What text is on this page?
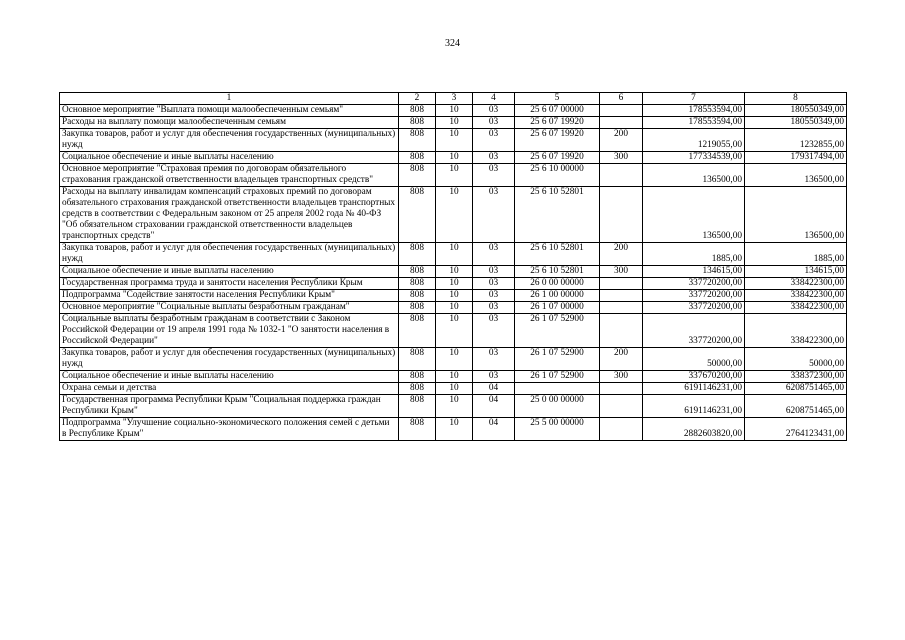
324
1	2	3	4	5	6	7	8
Основное мероприятие "Выплата помощи малообеспеченным семьям"	808	10	03	25 6 07 00000		178553594,00	180550349,00
Расходы на выплату помощи малообеспеченным семьям	808	10	03	25 6 07 19920		178553594,00	180550349,00
Закупка товаров, работ и услуг для обеспечения государственных (муниципальных) нужд	808	10	03	25 6 07 19920	200	1219055,00	1232855,00
Социальное обеспечение и иные выплаты населению	808	10	03	25 6 07 19920	300	177334539,00	179317494,00
Основное мероприятие "Страховая премия по договорам обязательного страхования гражданской ответственности владельцев транспортных средств"	808	10	03	25 6 10 00000		136500,00	136500,00
Расходы на выплату инвалидам компенсаций страховых премий по договорам обязательного страхования гражданской ответственности владельцев транспортных средств в соответствии с Федеральным законом от 25 апреля 2002 года № 40-ФЗ "Об обязательном страховании гражданской ответственности владельцев транспортных средств"	808	10	03	25 6 10 52801		136500,00	136500,00
Закупка товаров, работ и услуг для обеспечения государственных (муниципальных) нужд	808	10	03	25 6 10 52801	200	1885,00	1885,00
Социальное обеспечение и иные выплаты населению	808	10	03	25 6 10 52801	300	134615,00	134615,00
Государственная программа труда и занятости населения Республики Крым	808	10	03	26 0 00 00000		337720200,00	338422300,00
Подпрограмма "Содействие занятости населения Республики Крым"	808	10	03	26 1 00 00000		337720200,00	338422300,00
Основное мероприятие "Социальные выплаты безработным гражданам"	808	10	03	26 1 07 00000		337720200,00	338422300,00
Социальные выплаты безработным гражданам в соответствии с Законом Российской Федерации от 19 апреля 1991 года № 1032-1 "О занятости населения в Российской Федерации"	808	10	03	26 1 07 52900		337720200,00	338422300,00
Закупка товаров, работ и услуг для обеспечения государственных (муниципальных) нужд	808	10	03	26 1 07 52900	200	50000,00	50000,00
Социальное обеспечение и иные выплаты населению	808	10	03	26 1 07 52900	300	337670200,00	338372300,00
Охрана семьи и детства	808	10	04			6191146231,00	6208751465,00
Государственная программа Республики Крым "Социальная поддержка граждан Республики Крым"	808	10	04	25 0 00 00000		6191146231,00	6208751465,00
Подпрограмма "Улучшение социально-экономического положения семей с детьми в Республике Крым"	808	10	04	25 5 00 00000		2882603820,00	2764123431,00
